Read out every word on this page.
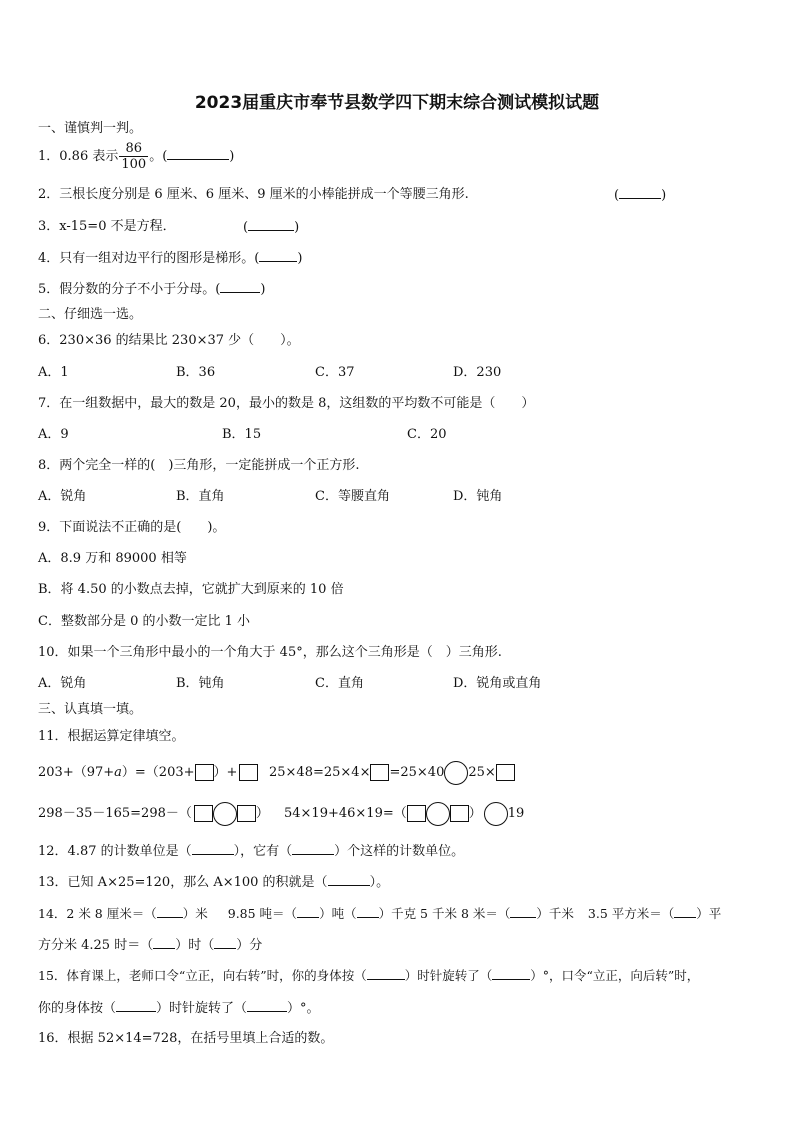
2023届重庆市奉节县数学四下期末综合测试模拟试题
一、谨慎判一判。
1．0.86 表示 $\frac{86}{100}$ 。(	)
2．三根长度分别是 6 厘米、6 厘米、9 厘米的小棒能拼成一个等腰三角形.	(	)
3．x-15=0 不是方程．	(	)
4．只有一组对边平行的图形是梯形。(	)
5．假分数的分子不小于分母。(	)
二、仔细选一选。
6．230×36 的结果比 230×37 少（　　）。
A．1	B．36	C．37	D．230
7．在一组数据中，最大的数是 20，最小的数是 8，这组数的平均数不可能是（　　）
A．9	B．15	C．20
8．两个完全一样的(　)三角形，一定能拼成一个正方形.
A．锐角	B．直角	C．等腰直角	D．钝角
9．下面说法不正确的是(　　)。
A．8.9 万和 89000 相等
B．将 4.50 的小数点去掉，它就扩大到原来的 10 倍
C．整数部分是 0 的小数一定比 1 小
10．如果一个三角形中最小的一个角大于 45°，那么这个三角形是（　）三角形.
A．锐角	B．钝角	C．直角	D．锐角或直角
三、认真填一填。
11．根据运算定律填空。
203+（97+a）=（203+ ）+	25×48=25×4× =25×40 25×
298－35－165=298－（	） 54×19+46×19=（	） 19
12．4.87 的计数单位是（	），它有（	）个这样的计数单位。
13．已知 A×25=120，那么 A×100 的积就是（	）。
14．2 米 8 厘米＝（ ）米 9.85 吨＝（ ）吨（ ）千克 5 千米 8 米＝（ ）千米 3.5 平方米＝（ ）平
方分米 4.25 时＝（ ）时（ ）分
15．体育课上，老师口令“立正，向右转”时，你的身体按（	）时针旋转了（	）°，口令“立正，向后转”时，
你的身体按（	）时针旋转了（	）°。
16．根据 52×14=728，在括号里填上合适的数。
